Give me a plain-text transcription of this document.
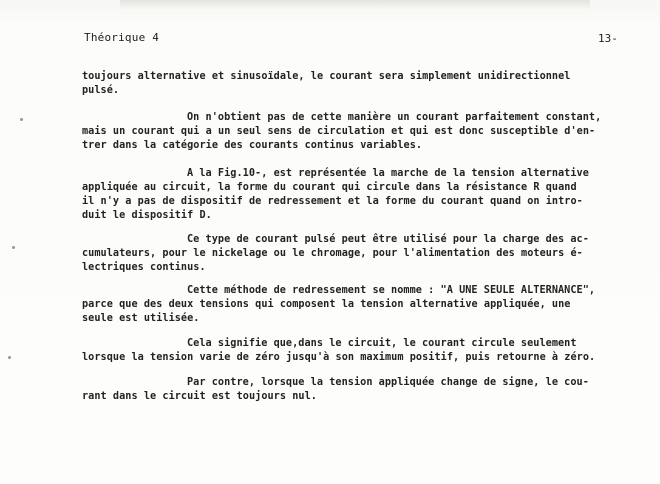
Théorique 4	13-
toujours alternative et sinusoïdale, le courant sera simplement unidirectionnel
pulsé.
On n'obtient pas de cette manière un courant parfaitement constant,
mais un courant qui a un seul sens de circulation et qui est donc susceptible d'en-
trer dans la catégorie des courants continus variables.
A la Fig.10-, est représentée la marche de la tension alternative
appliquée au circuit, la forme du courant qui circule dans la résistance R quand
il n'y a pas de dispositif de redressement et la forme du courant quand on intro-
duit le dispositif D.
Ce type de courant pulsé peut être utilisé pour la charge des ac-
cumulateurs, pour le nickelage ou le chromage, pour l'alimentation des moteurs é-
lectriques continus.
Cette méthode de redressement se nomme : "A UNE SEULE ALTERNANCE",
parce que des deux tensions qui composent la tension alternative appliquée, une
seule est utilisée.
Cela signifie que,dans le circuit, le courant circule seulement
lorsque la tension varie de zéro jusqu'à son maximum positif, puis retourne à zéro.
Par contre, lorsque la tension appliquée change de signe, le cou-
rant dans le circuit est toujours nul.
